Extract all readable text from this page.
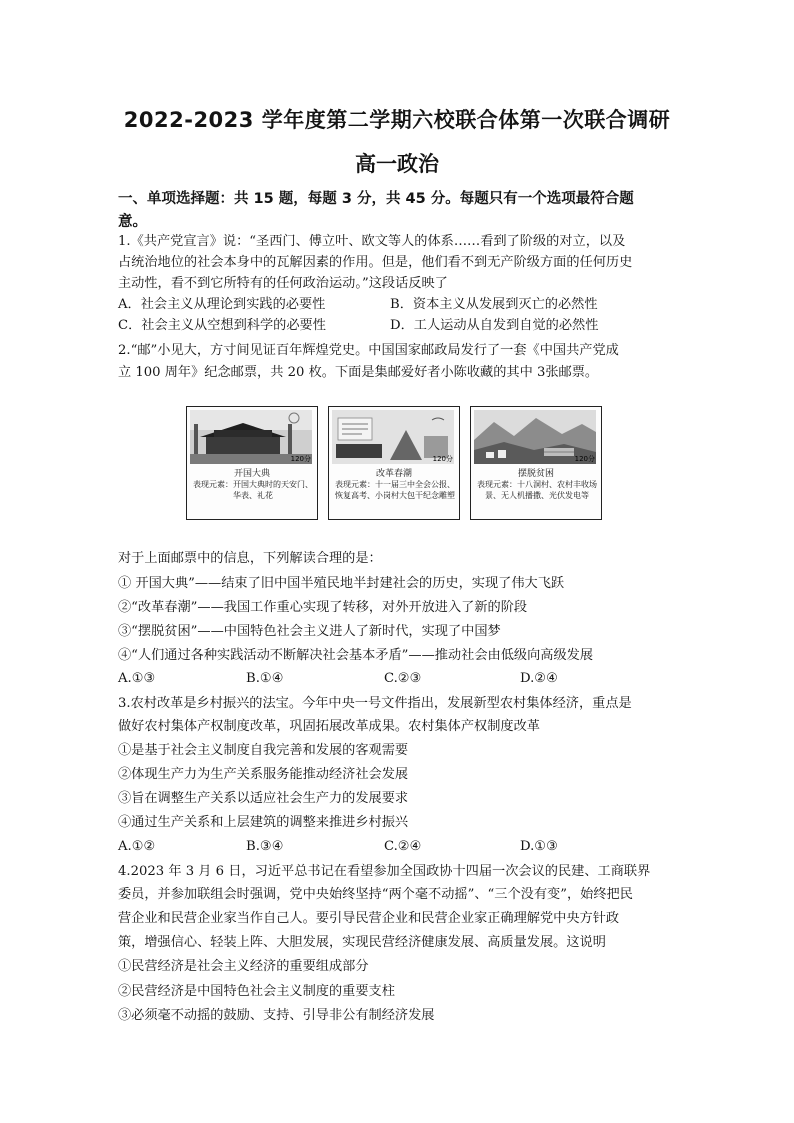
2022-2023 学年度第二学期六校联合体第一次联合调研
高一政治
一、单项选择题：共 15 题，每题 3 分，共 45 分。每题只有一个选项最符合题
意。
1.《共产党宣言》说：“圣西门、傅立叶、欧文等人的体系……看到了阶级的对立，以及
占统治地位的社会本身中的瓦解因素的作用。但是，他们看不到无产阶级方面的任何历史
主动性，看不到它所特有的任何政治运动。”这段话反映了
A．社会主义从理论到实践的必要性	B．资本主义从发展到灭亡的必然性
C．社会主义从空想到科学的必要性	D．工人运动从自发到自觉的必然性
2.“邮”小见大，方寸间见证百年辉煌党史。中国国家邮政局发行了一套《中国共产党成
立 100 周年》纪念邮票，共 20 枚。下面是集邮爱好者小陈收藏的其中 3张邮票。
120分
开国大典
表现元素：开国大典时的天安门、华表、礼花
120分
改革春潮
表现元素：十一届三中全会公报、恢复高考、小岗村大包干纪念雕塑
120分
摆脱贫困
表现元素：十八洞村、农村丰收场景、无人机播撒、光伏发电等
对于上面邮票中的信息，下列解读合理的是：
① 开国大典”——结束了旧中国半殖民地半封建社会的历史，实现了伟大飞跃
②“改革春潮”——我国工作重心实现了转移，对外开放进入了新的阶段
③“摆脱贫困”——中国特色社会主义进人了新时代，实现了中国梦
④“人们通过各种实践活动不断解决社会基本矛盾”——推动社会由低级向高级发展
A.①③	B.①④	C.②③	D.②④
3.农村改革是乡村振兴的法宝。今年中央一号文件指出，发展新型农村集体经济，重点是
做好农村集体产权制度改革，巩固拓展改革成果。农村集体产权制度改革
①是基于社会主义制度自我完善和发展的客观需要
②体现生产力为生产关系服务能推动经济社会发展
③旨在调整生产关系以适应社会生产力的发展要求
④通过生产关系和上层建筑的调整来推进乡村振兴
A.①②	B.③④	C.②④	D.①③
4.2023 年 3 月 6 日，习近平总书记在看望参加全国政协十四届一次会议的民建、工商联界
委员，并参加联组会时强调，党中央始终坚持“两个毫不动摇”、“三个没有变”，始终把民
营企业和民营企业家当作自己人。要引导民营企业和民营企业家正确理解党中央方针政
策，增强信心、轻装上阵、大胆发展，实现民营经济健康发展、高质量发展。这说明
①民营经济是社会主义经济的重要组成部分
②民营经济是中国特色社会主义制度的重要支柱
③必须毫不动摇的鼓励、支持、引导非公有制经济发展
